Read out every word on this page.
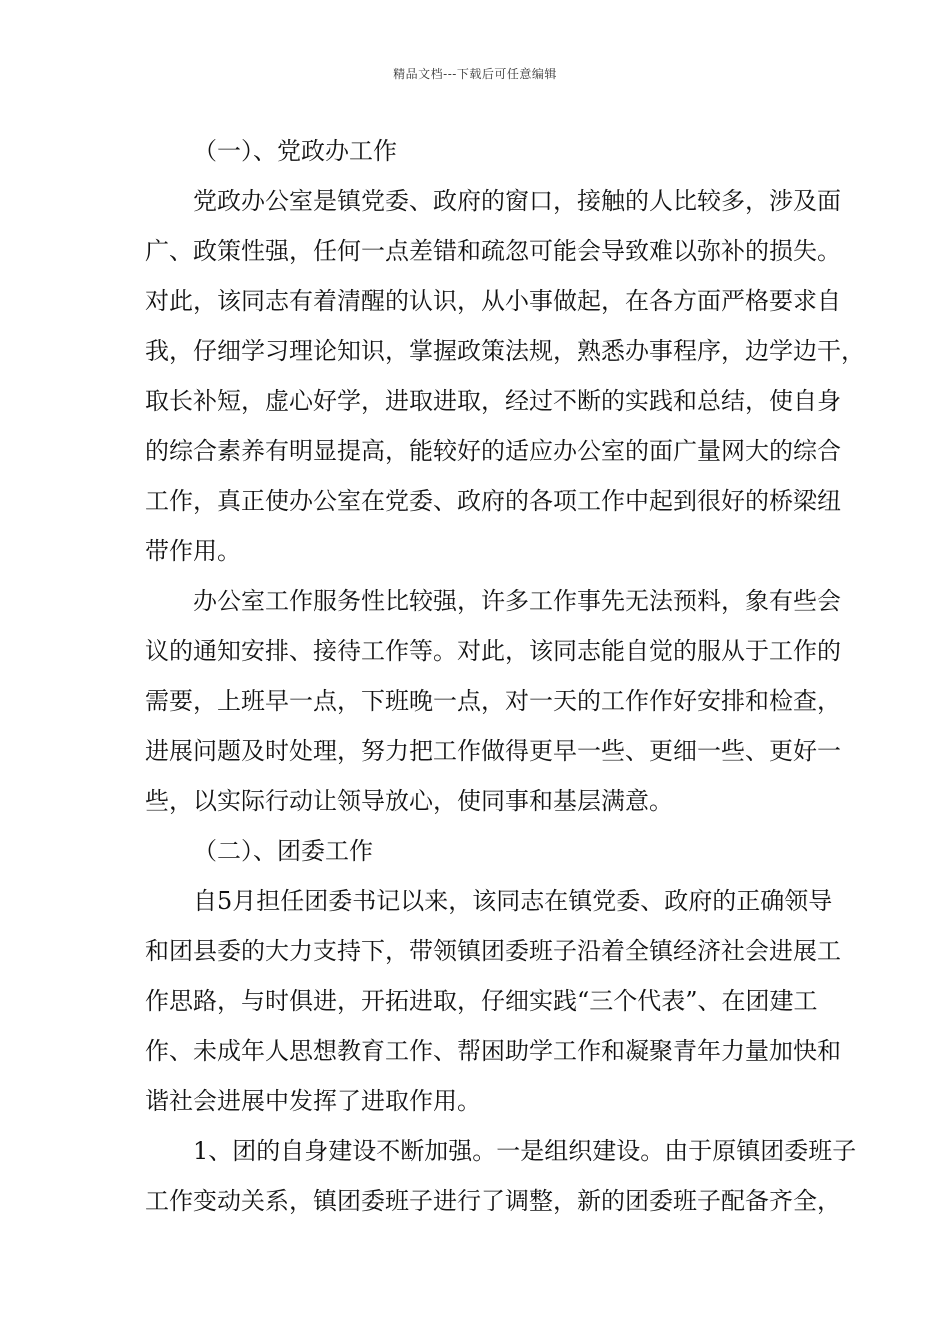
精品文档---下载后可任意编辑
（一）、党政办工作
党政办公室是镇党委、政府的窗口，接触的人比较多，涉及面
广、政策性强，任何一点差错和疏忽可能会导致难以弥补的损失。
对此，该同志有着清醒的认识，从小事做起，在各方面严格要求自
我，仔细学习理论知识，掌握政策法规，熟悉办事程序，边学边干，
取长补短，虚心好学，进取进取，经过不断的实践和总结，使自身
的综合素养有明显提高，能较好的适应办公室的面广量网大的综合
工作，真正使办公室在党委、政府的各项工作中起到很好的桥梁纽
带作用。
办公室工作服务性比较强，许多工作事先无法预料，象有些会
议的通知安排、接待工作等。对此，该同志能自觉的服从于工作的
需要，上班早一点，下班晚一点，对一天的工作作好安排和检查，
进展问题及时处理，努力把工作做得更早一些、更细一些、更好一
些，以实际行动让领导放心，使同事和基层满意。
（二）、团委工作
自5月担任团委书记以来，该同志在镇党委、政府的正确领导
和团县委的大力支持下，带领镇团委班子沿着全镇经济社会进展工
作思路，与时俱进，开拓进取，仔细实践“三个代表”、在团建工
作、未成年人思想教育工作、帮困助学工作和凝聚青年力量加快和
谐社会进展中发挥了进取作用。
1、团的自身建设不断加强。一是组织建设。由于原镇团委班子
工作变动关系，镇团委班子进行了调整，新的团委班子配备齐全，
